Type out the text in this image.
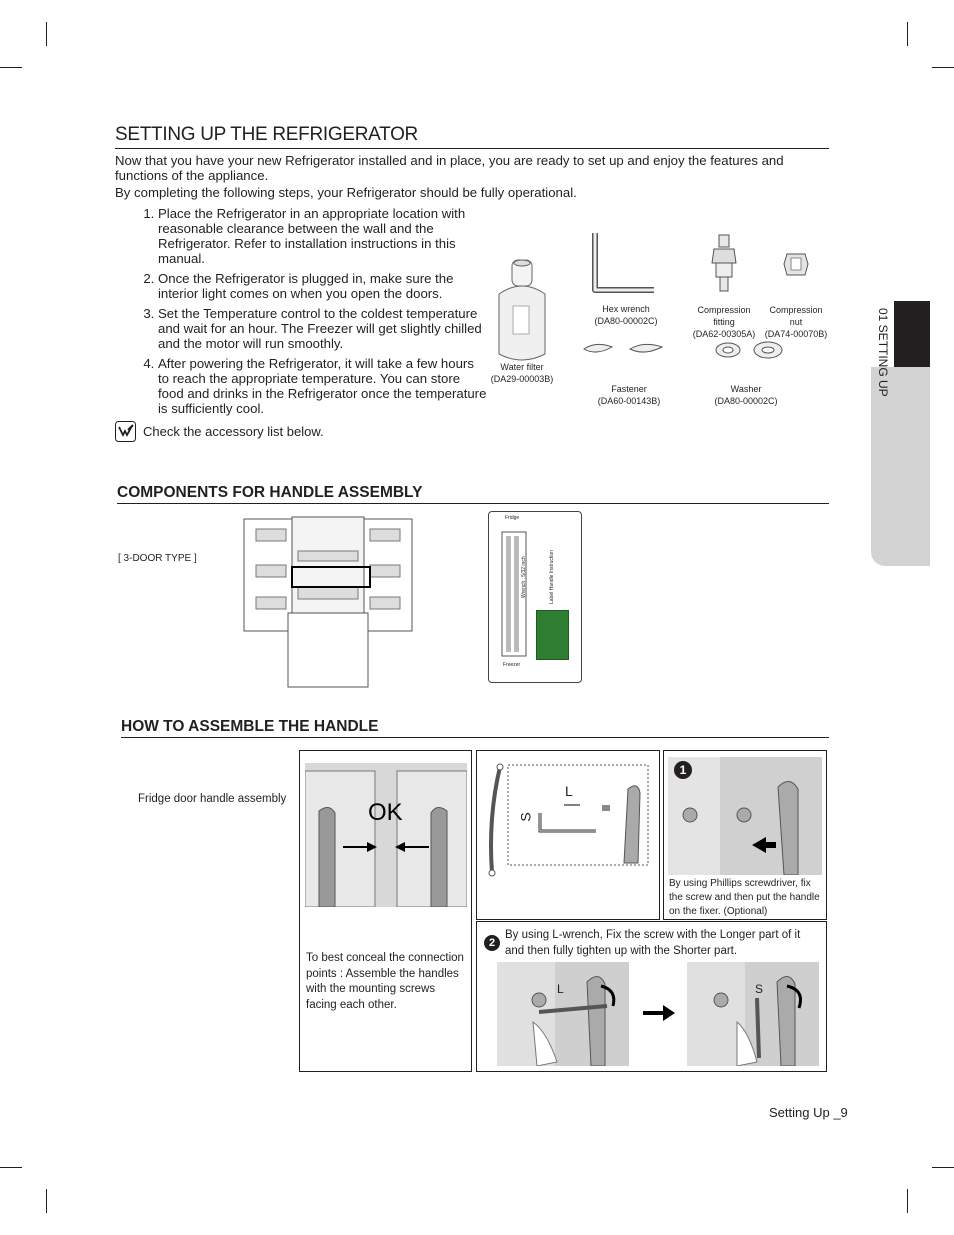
01 SETTING UP
SETTING UP THE REFRIGERATOR
Now that you have your new Refrigerator installed and in place, you are ready to set up and enjoy the features and functions of the appliance.
By completing the following steps, your Refrigerator should be fully operational.
1. Place the Refrigerator in an appropriate location with reasonable clearance between the wall and the Refrigerator. Refer to installation instructions in this manual.
2. Once the Refrigerator is plugged in, make sure the interior light comes on when you open the doors.
3. Set the Temperature control to the coldest temperature and wait for an hour. The Freezer will get slightly chilled and the motor will run smoothly.
4. After powering the Refrigerator, it will take a few hours to reach the appropriate temperature. You can store food and drinks in the Refrigerator once the temperature is sufficiently cool.
Check the accessory list below.
Water filter
(DA29-00003B)
Hex wrench
(DA80-00002C)
Compression
fitting
(DA62-00305A)
Compression
nut
(DA74-00070B)
Fastener
(DA60-00143B)
Washer
(DA80-00002C)
COMPONENTS FOR HANDLE ASSEMBLY
[ 3-DOOR TYPE ]
Fridge
Freezer
Wrench : 5/32 inch	Label Handle Instruction
HOW TO ASSEMBLE THE HANDLE
Fridge door handle assembly	OK
To best conceal the connection points : Assemble the handles with the mounting screws facing each other.
L
S
1
By using Phillips screwdriver, fix the screw and then put the handle on the fixer. (Optional)
2
By using L-wrench, Fix the screw with the Longer part of it and then fully tighten up with the Shorter part.
L	S
Setting Up _9
